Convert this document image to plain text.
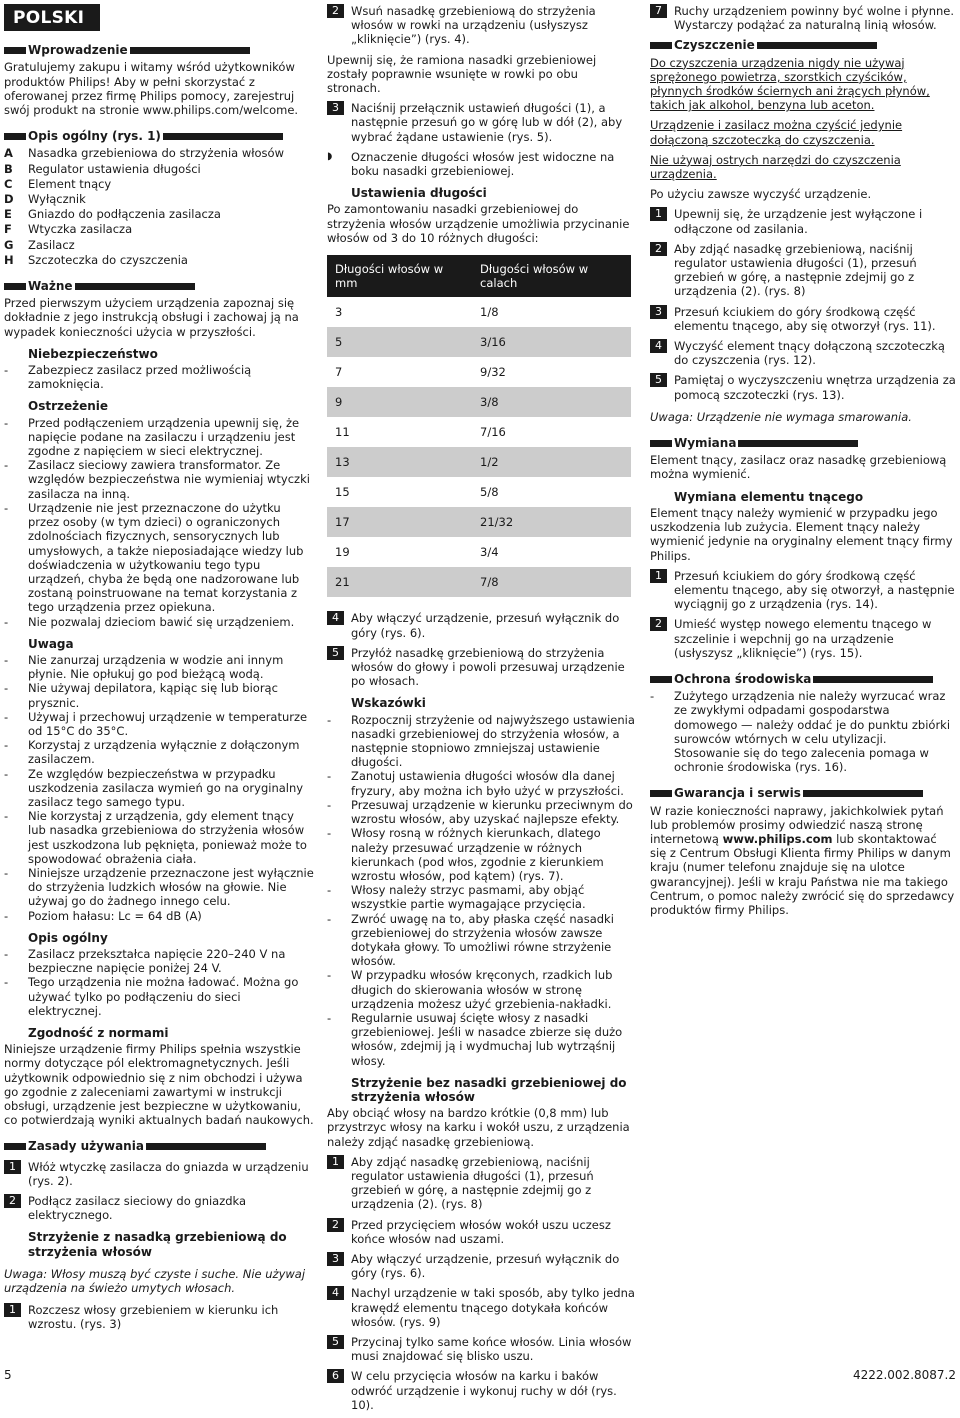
POLSKI
Wprowadzenie

Gratulujemy zakupu i witamy wśród użytkowników produktów Philips! Aby w pełni skorzystać z oferowanej przez firmę Philips pomocy, zarejestruj swój produkt na stronie www.philips.com/welcome.

Opis ogólny (rys. 1)
A	Nasadka grzebieniowa do strzyżenia włosów
B	Regulator ustawienia długości
C	Element tnący
D	Wyłącznik
E	Gniazdo do podłączenia zasilacza
F	Wtyczka zasilacza
G	Zasilacz
H	Szczoteczka do czyszczenia
Ważne

Przed pierwszym użyciem urządzenia zapoznaj się dokładnie z jego instrukcją obsługi i zachowaj ją na wypadek konieczności użycia w przyszłości.

Niebezpieczeństwo
-	Zabezpiecz zasilacz przed możliwością zamoknięcia.
Ostrzeżenie
-	Przed podłączeniem urządzenia upewnij się, że napięcie podane na zasilaczu i urządzeniu jest zgodne z napięciem w sieci elektrycznej.
-	Zasilacz sieciowy zawiera transformator. Ze względów bezpieczeństwa nie wymieniaj wtyczki zasilacza na inną.
-	Urządzenie nie jest przeznaczone do użytku przez osoby (w tym dzieci) o ograniczonych zdolnościach fizycznych, sensorycznych lub umysłowych, a także nieposiadające wiedzy lub doświadczenia w użytkowaniu tego typu urządzeń, chyba że będą one nadzorowane lub zostaną poinstruowane na temat korzystania z tego urządzenia przez opiekuna.
-	Nie pozwalaj dzieciom bawić się urządzeniem.
Uwaga
-	Nie zanurzaj urządzenia w wodzie ani innym płynie. Nie opłukuj go pod bieżącą wodą.
-	Nie używaj depilatora, kąpiąc się lub biorąc prysznic.
-	Używaj i przechowuj urządzenie w temperaturze od 15°C do 35°C.
-	Korzystaj z urządzenia wyłącznie z dołączonym zasilaczem.
-	Ze względów bezpieczeństwa w przypadku uszkodzenia zasilacza wymień go na oryginalny zasilacz tego samego typu.
-	Nie korzystaj z urządzenia, gdy element tnący lub nasadka grzebieniowa do strzyżenia włosów jest uszkodzona lub pęknięta, ponieważ może to spowodować obrażenia ciała.
-	Niniejsze urządzenie przeznaczone jest wyłącznie do strzyżenia ludzkich włosów na głowie. Nie używaj go do żadnego innego celu.
-	Poziom hałasu: Lc = 64 dB (A)
Opis ogólny
-	Zasilacz przekształca napięcie 220–240 V na bezpieczne napięcie poniżej 24 V.
-	Tego urządzenia nie można ładować. Można go używać tylko po podłączeniu do sieci elektrycznej.
Zgodność z normami

Niniejsze urządzenie firmy Philips spełnia wszystkie normy dotyczące pól elektromagnetycznych. Jeśli użytkownik odpowiednio się z nim obchodzi i używa go zgodnie z zaleceniami zawartymi w instrukcji obsługi, urządzenie jest bezpieczne w użytkowaniu, co potwierdzają wyniki aktualnych badań naukowych.

Zasady używania
1	Włóż wtyczkę zasilacza do gniazda w urządzeniu (rys. 2).
2	Podłącz zasilacz sieciowy do gniazdka elektrycznego.
Strzyżenie z nasadką grzebieniową do strzyżenia włosów
Uwaga: Włosy muszą być czyste i suche. Nie używaj urządzenia na świeżo umytych włosach.
1	Rozczesz włosy grzebieniem w kierunku ich wzrostu. (rys. 3)
2	Wsuń nasadkę grzebieniową do strzyżenia włosów w rowki na urządzeniu (usłyszysz „kliknięcie”) (rys. 4).

Upewnij się, że ramiona nasadki grzebieniowej zostały poprawnie wsunięte w rowki po obu stronach.

3	Naciśnij przełącznik ustawień długości (1), a następnie przesuń go w górę lub w dół (2), aby wybrać żądane ustawienie (rys. 5).
◗	Oznaczenie długości włosów jest widoczne na boku nasadki grzebieniowej.
Ustawienia długości

Po zamontowaniu nasadki grzebieniowej do strzyżenia włosów urządzenie umożliwia przycinanie włosów od 3 do 10 różnych długości:

Długości włosów w mm	Długości włosów w calach
3	1/8
5	3/16
7	9/32
9	3/8
11	7/16
13	1/2
15	5/8
17	21/32
19	3/4
21	7/8
4	Aby włączyć urządzenie, przesuń wyłącznik do góry (rys. 6).
5	Przyłóż nasadkę grzebieniową do strzyżenia włosów do głowy i powoli przesuwaj urządzenie po włosach.
Wskazówki
-	Rozpocznij strzyżenie od najwyższego ustawienia nasadki grzebieniowej do strzyżenia włosów, a następnie stopniowo zmniejszaj ustawienie długości.
-	Zanotuj ustawienia długości włosów dla danej fryzury, aby można ich było użyć w przyszłości.
-	Przesuwaj urządzenie w kierunku przeciwnym do wzrostu włosów, aby uzyskać najlepsze efekty.
-	Włosy rosną w różnych kierunkach, dlatego należy przesuwać urządzenie w różnych kierunkach (pod włos, zgodnie z kierunkiem wzrostu włosów, pod kątem) (rys. 7).
-	Włosy należy strzyc pasmami, aby objąć wszystkie partie wymagające przycięcia.
-	Zwróć uwagę na to, aby płaska część nasadki grzebieniowej do strzyżenia włosów zawsze dotykała głowy. To umożliwi równe strzyżenie włosów.
-	W przypadku włosów kręconych, rzadkich lub długich do skierowania włosów w stronę urządzenia możesz użyć grzebienia-nakładki.
-	Regularnie usuwaj ścięte włosy z nasadki grzebieniowej. Jeśli w nasadce zbierze się dużo włosów, zdejmij ją i wydmuchaj lub wytrząśnij włosy.
Strzyżenie bez nasadki grzebieniowej do strzyżenia włosów

Aby obciąć włosy na bardzo krótkie (0,8 mm) lub przystrzyc włosy na karku i wokół uszu, z urządzenia należy zdjąć nasadkę grzebieniową.

1	Aby zdjąć nasadkę grzebieniową, naciśnij regulator ustawienia długości (1), przesuń grzebień w górę, a następnie zdejmij go z urządzenia (2). (rys. 8)
2	Przed przycięciem włosów wokół uszu uczesz końce włosów nad uszami.
3	Aby włączyć urządzenie, przesuń wyłącznik do góry (rys. 6).
4	Nachyl urządzenie w taki sposób, aby tylko jedna krawędź elementu tnącego dotykała końców włosów. (rys. 9)
5	Przycinaj tylko same końce włosów. Linia włosów musi znajdować się blisko uszu.
6	W celu przycięcia włosów na karku i baków odwróć urządzenie i wykonuj ruchy w dół (rys. 10).
7	Ruchy urządzeniem powinny być wolne i płynne. Wystarczy podążać za naturalną linią włosów.
Czyszczenie

Do czyszczenia urządzenia nigdy nie używaj sprężonego powietrza, szorstkich czyścików, płynnych środków ściernych ani żrących płynów, takich jak alkohol, benzyna lub aceton.

Urządzenie i zasilacz można czyścić jedynie dołączoną szczoteczką do czyszczenia.

Nie używaj ostrych narzędzi do czyszczenia urządzenia.

Po użyciu zawsze wyczyść urządzenie.

1	Upewnij się, że urządzenie jest wyłączone i odłączone od zasilania.
2	Aby zdjąć nasadkę grzebieniową, naciśnij regulator ustawienia długości (1), przesuń grzebień w górę, a następnie zdejmij go z urządzenia (2). (rys. 8)
3	Przesuń kciukiem do góry środkową część elementu tnącego, aby się otworzył (rys. 11).
4	Wyczyść element tnący dołączoną szczoteczką do czyszczenia (rys. 12).
5	Pamiętaj o wyczyszczeniu wnętrza urządzenia za pomocą szczoteczki (rys. 13).
Uwaga: Urządzenie nie wymaga smarowania.
Wymiana

Element tnący, zasilacz oraz nasadkę grzebieniową można wymienić.

Wymiana elementu tnącego

Element tnący należy wymienić w przypadku jego uszkodzenia lub zużycia. Element tnący należy wymienić jedynie na oryginalny element tnący firmy Philips.

1	Przesuń kciukiem do góry środkową część elementu tnącego, aby się otworzył, a następnie wyciągnij go z urządzenia (rys. 14).
2	Umieść występ nowego elementu tnącego w szczelinie i wepchnij go na urządzenie (usłyszysz „kliknięcie”) (rys. 15).
Ochrona środowiska
-	Zużytego urządzenia nie należy wyrzucać wraz ze zwykłymi odpadami gospodarstwa domowego — należy oddać je do punktu zbiórki surowców wtórnych w celu utylizacji. Stosowanie się do tego zalecenia pomaga w ochronie środowiska (rys. 16).
Gwarancja i serwis

W razie konieczności naprawy, jakichkolwiek pytań lub problemów prosimy odwiedzić naszą stronę internetową www.philips.com lub skontaktować się z Centrum Obsługi Klienta firmy Philips w danym kraju (numer telefonu znajduje się na ulotce gwarancyjnej). Jeśli w kraju Państwa nie ma takiego Centrum, o pomoc należy zwrócić się do sprzedawcy produktów firmy Philips.

5	4222.002.8087.2
